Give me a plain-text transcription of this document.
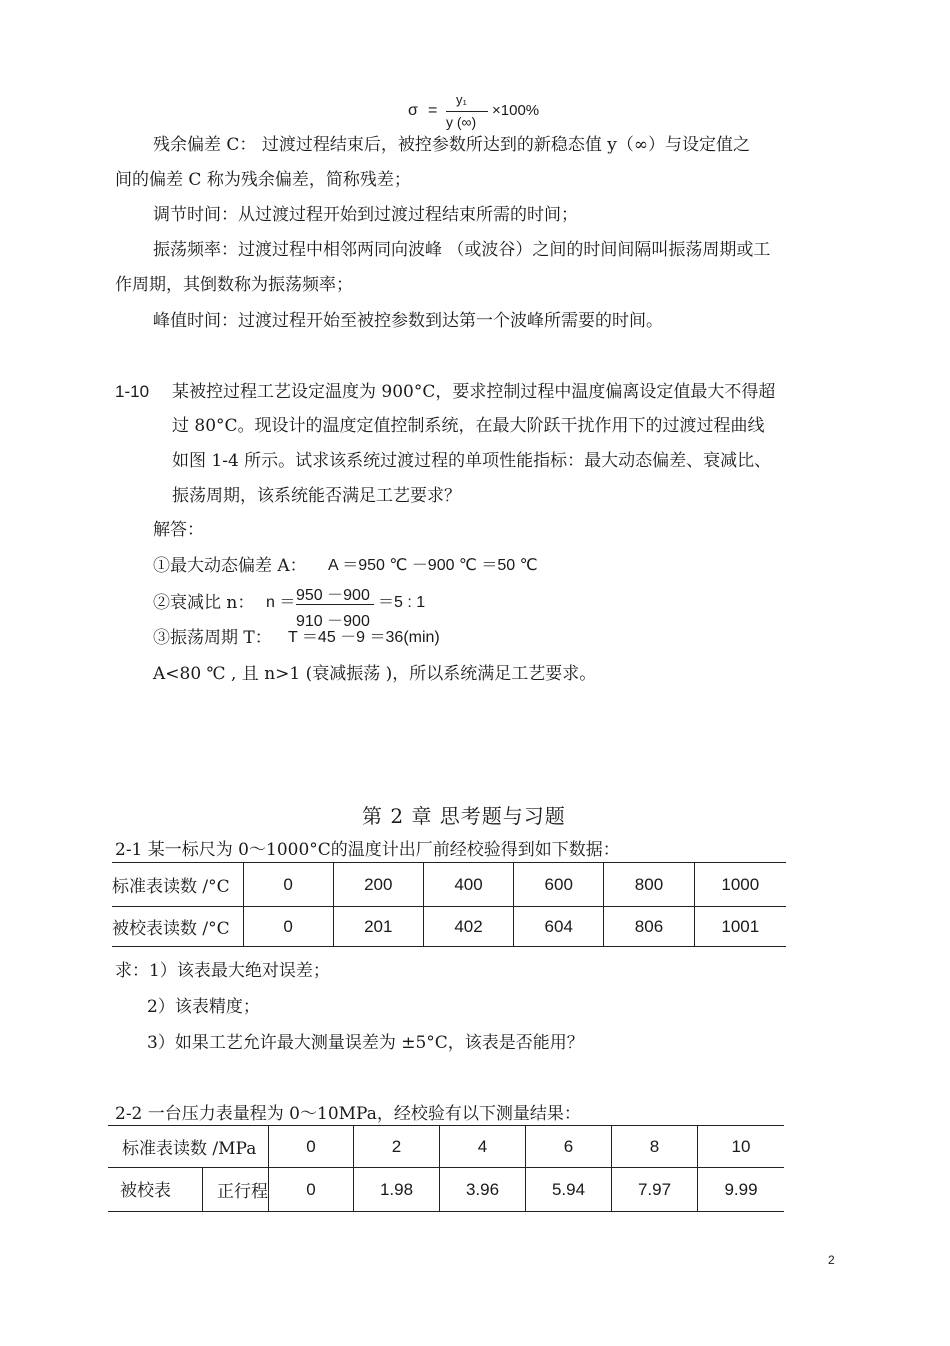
σ =
y₁
y (∞)
×100%
残余偏差 C： 过渡过程结束后，被控参数所达到的新稳态值 y（∞）与设定值之
间的偏差 C 称为残余偏差，简称残差；
调节时间：从过渡过程开始到过渡过程结束所需的时间；
振荡频率：过渡过程中相邻两同向波峰 （或波谷）之间的时间间隔叫振荡周期或工
作周期，其倒数称为振荡频率；
峰值时间：过渡过程开始至被控参数到达第一个波峰所需要的时间。
1-10 某被控过程工艺设定温度为 900°C，要求控制过程中温度偏离设定值最大不得超
过 80°C。现设计的温度定值控制系统，在最大阶跃干扰作用下的过渡过程曲线
如图 1-4 所示。试求该系统过渡过程的单项性能指标：最大动态偏差、衰减比、
振荡周期，该系统能否满足工艺要求？
解答：
①最大动态偏差 A： A ＝950 ℃ －900 ℃ ＝50 ℃
②衰减比 n： n ＝ 950 －900
910 －900
＝5 : 1
③振荡周期 T： T ＝45 －9 ＝36(min)
A<80 ℃ , 且 n>1 (衰减振荡 )，所以系统满足工艺要求。
第 2 章 思考题与习题
2-1 某一标尺为 0～1000°C的温度计出厂前经校验得到如下数据：
标准表读数 /°C	0	200	400	600	800	1000
被校表读数 /°C	0	201	402	604	806	1001
求：1）该表最大绝对误差；
2）该表精度；
3）如果工艺允许最大测量误差为 ±5°C，该表是否能用？
2-2 一台压力表量程为 0～10MPa，经校验有以下测量结果：
标准表读数 /MPa		0	2	4	6	8	10
被校表	正行程	0	1.98	3.96	5.94	7.97	9.99
2
